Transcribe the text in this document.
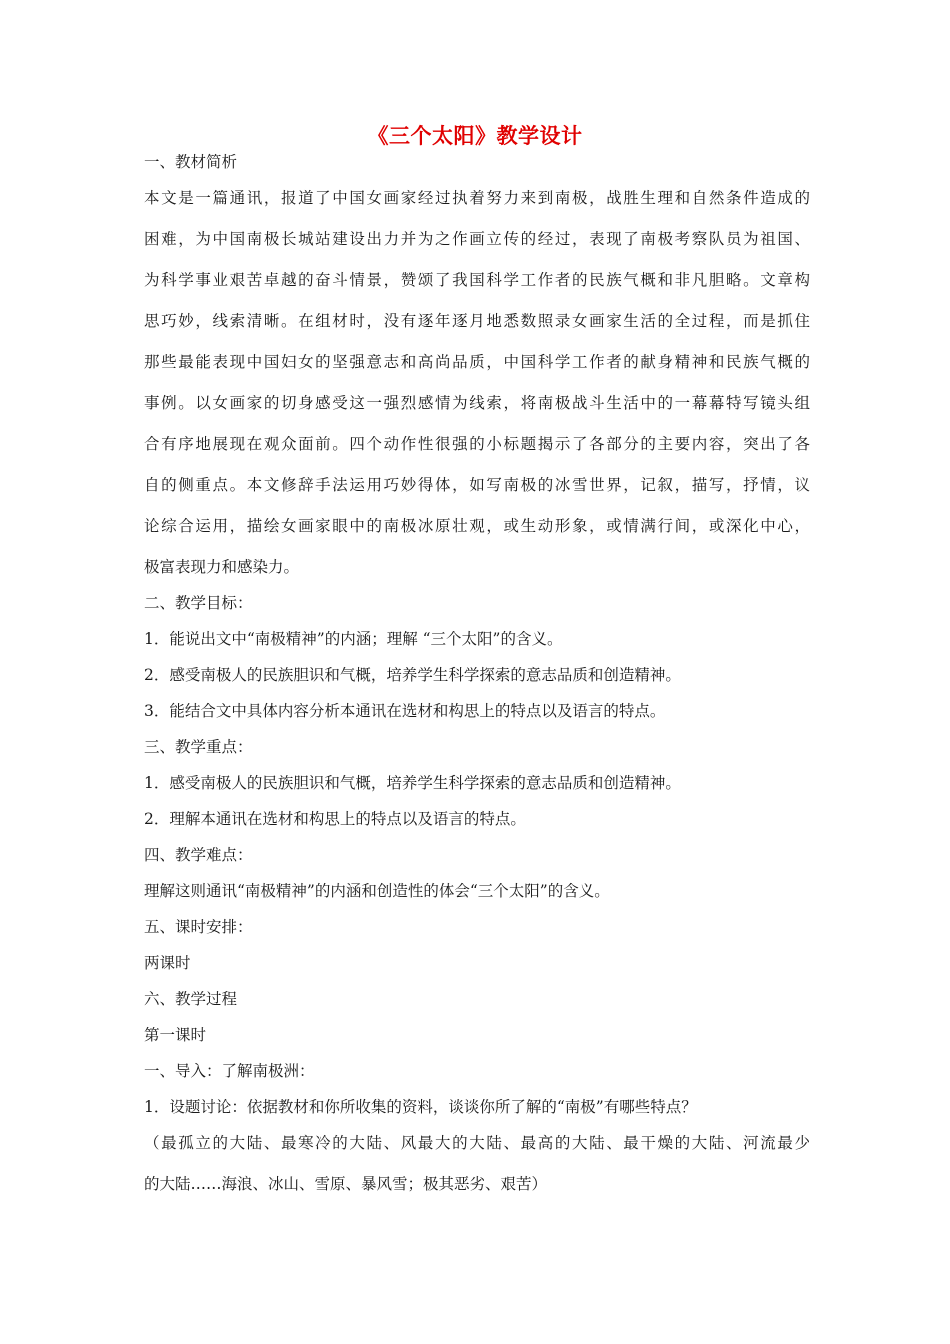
《三个太阳》教学设计
一、教材简析
本文是一篇通讯，报道了中国女画家经过执着努力来到南极，战胜生理和自然条件造成的
困难，为中国南极长城站建设出力并为之作画立传的经过，表现了南极考察队员为祖国、
为科学事业艰苦卓越的奋斗情景，赞颂了我国科学工作者的民族气概和非凡胆略。文章构
思巧妙，线索清晰。在组材时，没有逐年逐月地悉数照录女画家生活的全过程，而是抓住
那些最能表现中国妇女的坚强意志和高尚品质，中国科学工作者的献身精神和民族气概的
事例。以女画家的切身感受这一强烈感情为线索，将南极战斗生活中的一幕幕特写镜头组
合有序地展现在观众面前。四个动作性很强的小标题揭示了各部分的主要内容，突出了各
自的侧重点。本文修辞手法运用巧妙得体，如写南极的冰雪世界，记叙，描写，抒情，议
论综合运用，描绘女画家眼中的南极冰原壮观，或生动形象，或情满行间，或深化中心，
极富表现力和感染力。
二、教学目标：
1．能说出文中“南极精神”的内涵；理解 “三个太阳”的含义。
2．感受南极人的民族胆识和气概，培养学生科学探索的意志品质和创造精神。
3．能结合文中具体内容分析本通讯在选材和构思上的特点以及语言的特点。
三、教学重点：
1．感受南极人的民族胆识和气概，培养学生科学探索的意志品质和创造精神。
2．理解本通讯在选材和构思上的特点以及语言的特点。
四、教学难点：
理解这则通讯“南极精神”的内涵和创造性的体会“三个太阳”的含义。
五、课时安排：
两课时
六、教学过程
第一课时
一、导入：了解南极洲：
1．设题讨论：依据教材和你所收集的资料，谈谈你所了解的“南极”有哪些特点？
（最孤立的大陆、最寒冷的大陆、风最大的大陆、最高的大陆、最干燥的大陆、河流最少
的大陆……海浪、冰山、雪原、暴风雪；极其恶劣、艰苦）
